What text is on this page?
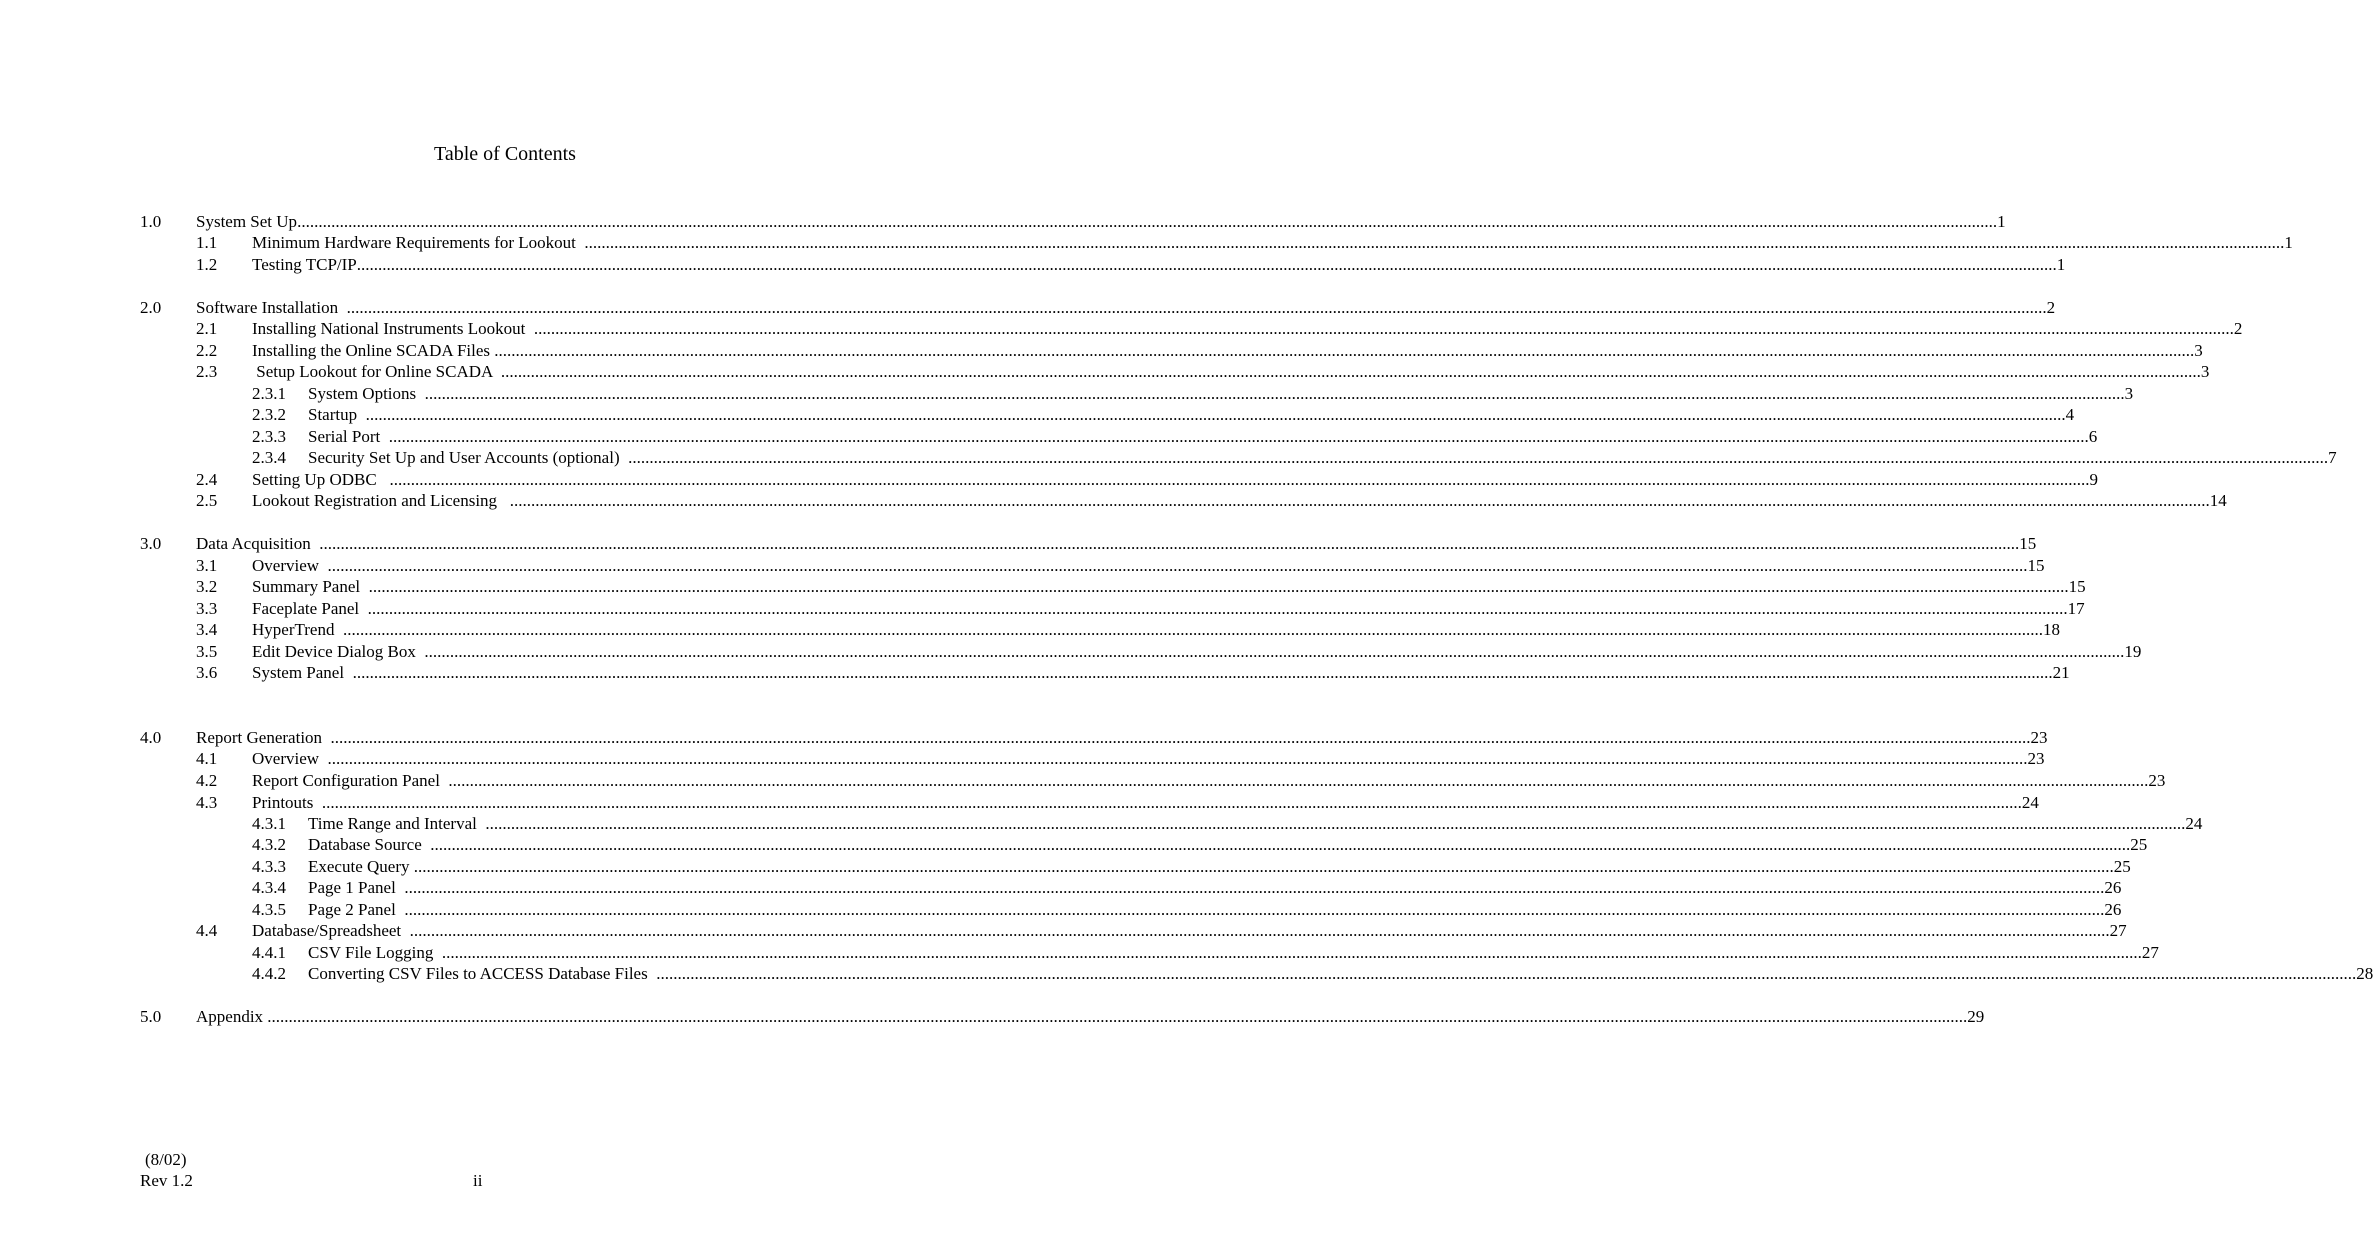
Table of Contents
1.0 System Set Up ................................................................................................................................................................................................................................................................................................................................................................................................................ 1
1.1 Minimum Hardware Requirements for Lookout ................................................................................................................................................................................................................................................................................................................................................................................................................ 1
1.2 Testing TCP/IP ................................................................................................................................................................................................................................................................................................................................................................................................................ 1
2.0 Software Installation ................................................................................................................................................................................................................................................................................................................................................................................................................ 2
2.1 Installing National Instruments Lookout ................................................................................................................................................................................................................................................................................................................................................................................................................ 2
2.2 Installing the Online SCADA Files ................................................................................................................................................................................................................................................................................................................................................................................................................ 3
2.3 Setup Lookout for Online SCADA ................................................................................................................................................................................................................................................................................................................................................................................................................ 3
2.3.1 System Options ................................................................................................................................................................................................................................................................................................................................................................................................................ 3
2.3.2 Startup ................................................................................................................................................................................................................................................................................................................................................................................................................ 4
2.3.3 Serial Port ................................................................................................................................................................................................................................................................................................................................................................................................................ 6
2.3.4 Security Set Up and User Accounts (optional) ................................................................................................................................................................................................................................................................................................................................................................................................................ 7
2.4 Setting Up ODBC ................................................................................................................................................................................................................................................................................................................................................................................................................ 9
2.5 Lookout Registration and Licensing ................................................................................................................................................................................................................................................................................................................................................................................................................ 14
3.0 Data Acquisition ................................................................................................................................................................................................................................................................................................................................................................................................................ 15
3.1 Overview ................................................................................................................................................................................................................................................................................................................................................................................................................ 15
3.2 Summary Panel ................................................................................................................................................................................................................................................................................................................................................................................................................ 15
3.3 Faceplate Panel ................................................................................................................................................................................................................................................................................................................................................................................................................ 17
3.4 HyperTrend ................................................................................................................................................................................................................................................................................................................................................................................................................ 18
3.5 Edit Device Dialog Box ................................................................................................................................................................................................................................................................................................................................................................................................................ 19
3.6 System Panel ................................................................................................................................................................................................................................................................................................................................................................................................................ 21
4.0 Report Generation ................................................................................................................................................................................................................................................................................................................................................................................................................ 23
4.1 Overview ................................................................................................................................................................................................................................................................................................................................................................................................................ 23
4.2 Report Configuration Panel ................................................................................................................................................................................................................................................................................................................................................................................................................ 23
4.3 Printouts ................................................................................................................................................................................................................................................................................................................................................................................................................ 24
4.3.1 Time Range and Interval ................................................................................................................................................................................................................................................................................................................................................................................................................ 24
4.3.2 Database Source ................................................................................................................................................................................................................................................................................................................................................................................................................ 25
4.3.3 Execute Query ................................................................................................................................................................................................................................................................................................................................................................................................................ 25
4.3.4 Page 1 Panel ................................................................................................................................................................................................................................................................................................................................................................................................................ 26
4.3.5 Page 2 Panel ................................................................................................................................................................................................................................................................................................................................................................................................................ 26
4.4 Database/Spreadsheet ................................................................................................................................................................................................................................................................................................................................................................................................................ 27
4.4.1 CSV File Logging ................................................................................................................................................................................................................................................................................................................................................................................................................ 27
4.4.2 Converting CSV Files to ACCESS Database Files ................................................................................................................................................................................................................................................................................................................................................................................................................ 28
5.0 Appendix ................................................................................................................................................................................................................................................................................................................................................................................................................ 29
(8/02)
Rev 1.2	ii
